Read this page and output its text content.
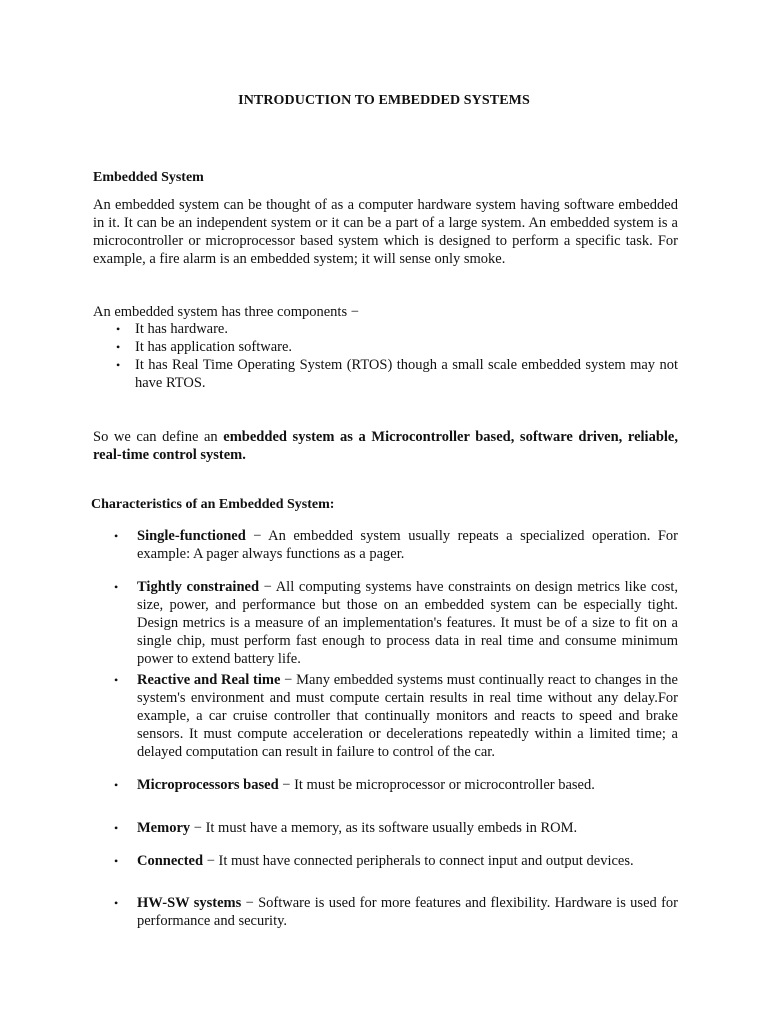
INTRODUCTION TO EMBEDDED SYSTEMS
Embedded System

An embedded system can be thought of as a computer hardware system having software embedded in it. It can be an independent system or it can be a part of a large system. An embedded system is a microcontroller or microprocessor based system which is designed to perform a specific task. For example, a fire alarm is an embedded system; it will sense only smoke.

An embedded system has three components −
• It has hardware.
• It has application software.
• It has Real Time Operating System (RTOS) though a small scale embedded system may not have RTOS.

So we can define an embedded system as a Microcontroller based, software driven, reliable, real-time control system.

Characteristics of an Embedded System:
•	Single-functioned − An embedded system usually repeats a specialized operation. For example: A pager always functions as a pager.
•	Tightly constrained − All computing systems have constraints on design metrics like cost, size, power, and performance but those on an embedded system can be especially tight. Design metrics is a measure of an implementation's features. It must be of a size to fit on a single chip, must perform fast enough to process data in real time and consume minimum power to extend battery life.
•	Reactive and Real time − Many embedded systems must continually react to changes in the system's environment and must compute certain results in real time without any delay.For example, a car cruise controller that continually monitors and reacts to speed and brake sensors. It must compute acceleration or decelerations repeatedly within a limited time; a delayed computation can result in failure to control of the car.
•	Microprocessors based − It must be microprocessor or microcontroller based.
•	Memory − It must have a memory, as its software usually embeds in ROM.
•	Connected − It must have connected peripherals to connect input and output devices.
•	HW-SW systems − Software is used for more features and flexibility. Hardware is used for performance and security.
